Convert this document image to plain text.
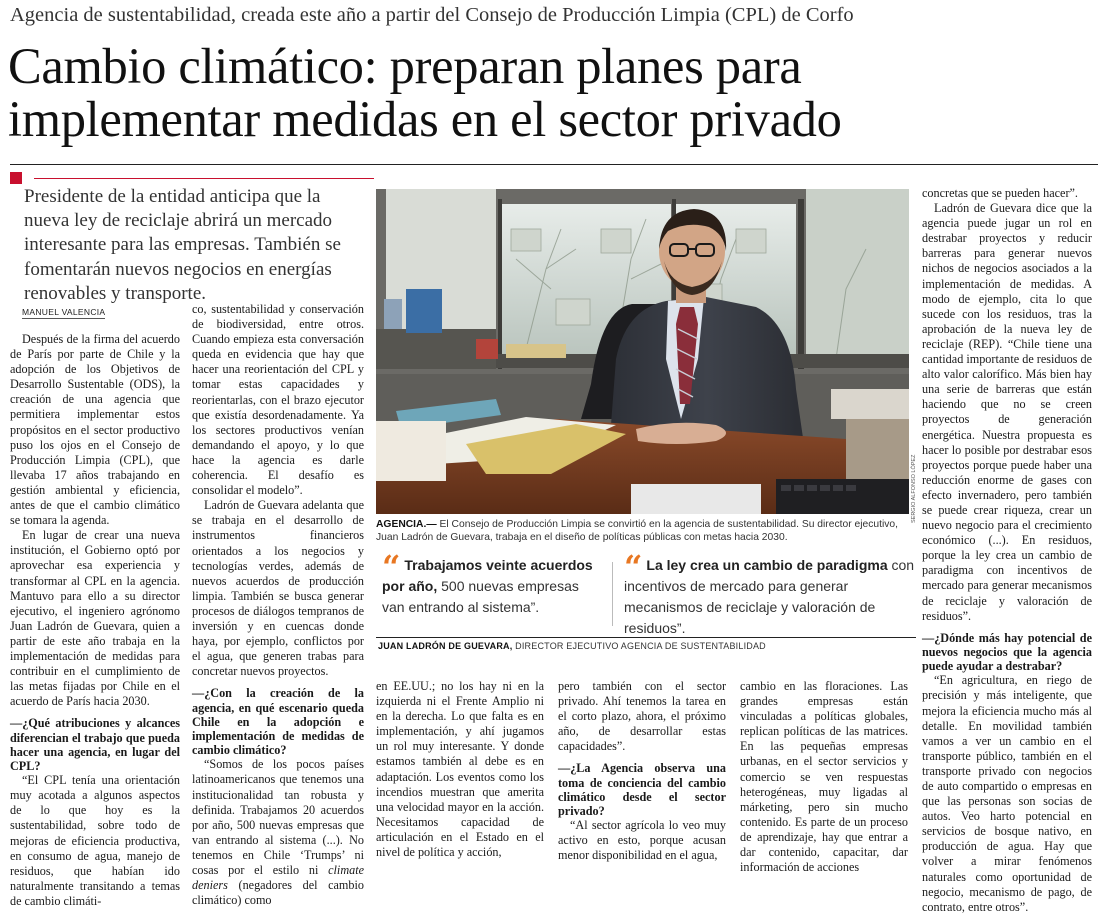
Agencia de sustentabilidad, creada este año a partir del Consejo de Producción Limpia (CPL) de Corfo
Cambio climático: preparan planes para
implementar medidas en el sector privado
Presidente de la entidad anticipa que la nueva ley de reciclaje abrirá un mercado interesante para las empresas. También se fomentarán nuevos negocios en energías renovables y transporte.
MANUEL VALENCIA

Después de la firma del acuerdo de París por parte de Chile y la adopción de los Objetivos de Desarrollo Sustentable (ODS), la creación de una agencia que permitiera implementar estos propósitos en el sector productivo puso los ojos en el Consejo de Producción Limpia (CPL), que llevaba 17 años trabajando en gestión ambiental y eficiencia, antes de que el cambio climático se tomara la agenda.

En lugar de crear una nueva institución, el Gobierno optó por aprovechar esa experiencia y transformar al CPL en la agencia. Mantuvo para ello a su director ejecutivo, el ingeniero agrónomo Juan Ladrón de Guevara, quien a partir de este año trabaja en la implementación de medidas para contribuir en el cumplimiento de las metas fijadas por Chile en el acuerdo de París hacia 2030.

—¿Qué atribuciones y alcances diferencian el trabajo que pueda hacer una agencia, en lugar del CPL?

“El CPL tenía una orientación muy acotada a algunos aspectos de lo que hoy es la sustentabilidad, sobre todo de mejoras de eficiencia productiva, en consumo de agua, manejo de residuos, que habían ido naturalmente transitando a temas de cambio climáti-

co, sustentabilidad y conservación de biodiversidad, entre otros. Cuando empieza esta conversación queda en evidencia que hay que hacer una reorientación del CPL y tomar estas capacidades y reorientarlas, con el brazo ejecutor que existía desordenadamente. Ya los sectores productivos venían demandando el apoyo, y lo que hace la agencia es darle coherencia. El desafío es consolidar el modelo”.

Ladrón de Guevara adelanta que se trabaja en el desarrollo de instrumentos financieros orientados a los negocios y tecnologías verdes, además de nuevos acuerdos de producción limpia. También se busca generar procesos de diálogos tempranos de inversión y en cuencas donde haya, por ejemplo, conflictos por el agua, que generen trabas para concretar nuevos proyectos.

—¿Con la creación de la agencia, en qué escenario queda Chile en la adopción e implementación de medidas de cambio climático?

“Somos de los pocos países latinoamericanos que tenemos una institucionalidad tan robusta y definida. Trabajamos 20 acuerdos por año, 500 nuevas empresas que van entrando al sistema (...). No tenemos en Chile ‘Trumps’ ni cosas por el estilo ni climate deniers (negadores del cambio climático) como

SERGIO ALFONSO LÓPEZ
AGENCIA.— El Consejo de Producción Limpia se convirtió en la agencia de sustentabilidad. Su director ejecutivo, Juan Ladrón de Guevara, trabaja en el diseño de políticas públicas con metas hacia 2030.
“ Trabajamos veinte acuerdos por año, 500 nuevas empresas van entrando al sistema”.
“ La ley crea un cambio de paradigma con incentivos de mercado para generar mecanismos de reciclaje y valoración de residuos”.
JUAN LADRÓN DE GUEVARA, DIRECTOR EJECUTIVO AGENCIA DE SUSTENTABILIDAD

en EE.UU.; no los hay ni en la izquierda ni el Frente Amplio ni en la derecha. Lo que falta es en implementación, y ahí jugamos un rol muy interesante. Y donde estamos también al debe es en adaptación. Los eventos como los incendios muestran que amerita una velocidad mayor en la acción. Necesitamos capacidad de articulación en el Estado en el nivel de política y acción,

pero también con el sector privado. Ahí tenemos la tarea en el corto plazo, ahora, el próximo año, de desarrollar estas capacidades”.

—¿La Agencia observa una toma de conciencia del cambio climático desde el sector privado?

“Al sector agrícola lo veo muy activo en esto, porque acusan menor disponibilidad en el agua,

cambio en las floraciones. Las grandes empresas están vinculadas a políticas globales, replican políticas de las matrices. En las pequeñas empresas urbanas, en el sector servicios y comercio se ven respuestas heterogéneas, muy ligadas al márketing, pero sin mucho contenido. Es parte de un proceso de aprendizaje, hay que entrar a dar contenido, capacitar, dar información de acciones

concretas que se pueden hacer”.

Ladrón de Guevara dice que la agencia puede jugar un rol en destrabar proyectos y reducir barreras para generar nuevos nichos de negocios asociados a la implementación de medidas. A modo de ejemplo, cita lo que sucede con los residuos, tras la aprobación de la nueva ley de reciclaje (REP). “Chile tiene una cantidad importante de residuos de alto valor calorífico. Más bien hay una serie de barreras que están haciendo que no se creen proyectos de generación energética. Nuestra propuesta es hacer lo posible por destrabar esos proyectos porque puede haber una reducción enorme de gases con efecto invernadero, pero también se puede crear riqueza, crear un nuevo negocio para el crecimiento económico (...). En residuos, porque la ley crea un cambio de paradigma con incentivos de mercado para generar mecanismos de reciclaje y valoración de residuos”.

—¿Dónde más hay potencial de nuevos negocios que la agencia puede ayudar a destrabar?

“En agricultura, en riego de precisión y más inteligente, que mejora la eficiencia mucho más al detalle. En movilidad también vamos a ver un cambio en el transporte público, también en el transporte privado con negocios de auto compartido o empresas en que las personas son socias de autos. Veo harto potencial en servicios de bosque nativo, en producción de agua. Hay que volver a mirar fenómenos naturales como oportunidad de negocio, mecanismo de pago, de contrato, entre otros”.
